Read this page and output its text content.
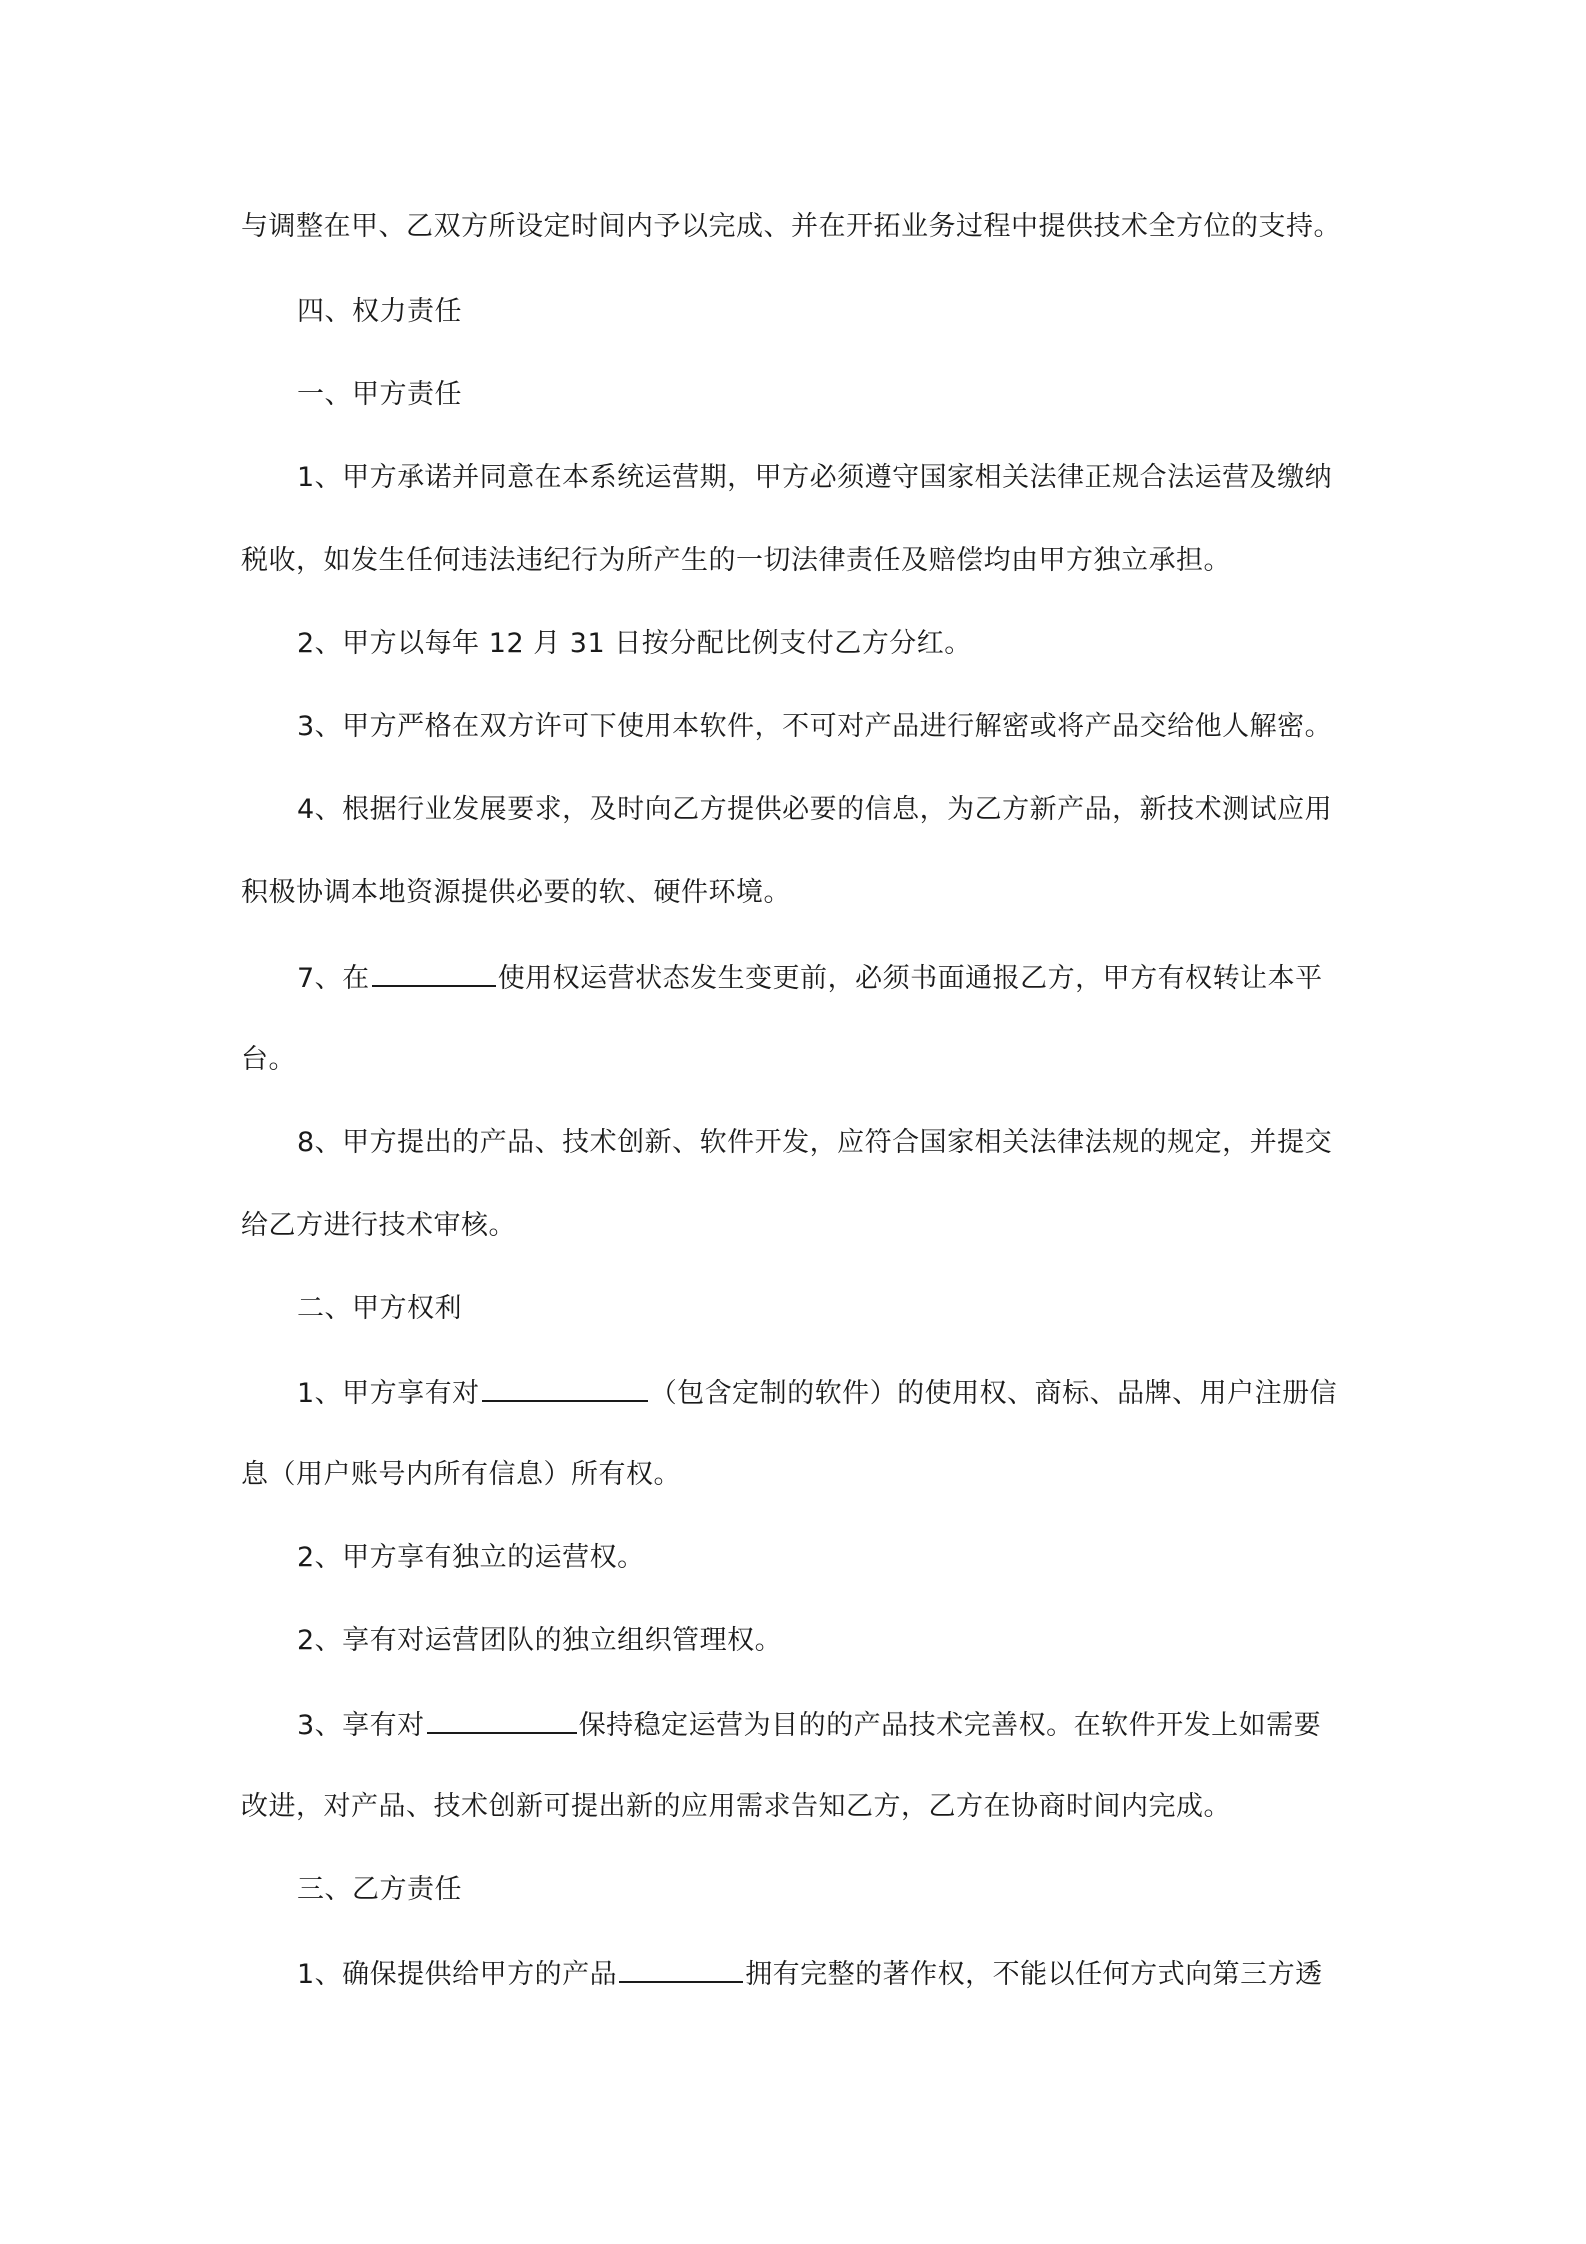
与调整在甲、乙双方所设定时间内予以完成、并在开拓业务过程中提供技术全方位的支持。
四、权力责任
一、甲方责任
1、甲方承诺并同意在本系统运营期，甲方必须遵守国家相关法律正规合法运营及缴纳
税收，如发生任何违法违纪行为所产生的一切法律责任及赔偿均由甲方独立承担。
2、甲方以每年 12 月 31 日按分配比例支付乙方分红。
3、甲方严格在双方许可下使用本软件，不可对产品进行解密或将产品交给他人解密。
4、根据行业发展要求，及时向乙方提供必要的信息，为乙方新产品，新技术测试应用
积极协调本地资源提供必要的软、硬件环境。
7、在	使用权运营状态发生变更前，必须书面通报乙方，甲方有权转让本平
台。
8、甲方提出的产品、技术创新、软件开发，应符合国家相关法律法规的规定，并提交
给乙方进行技术审核。
二、甲方权利
1、甲方享有对	（包含定制的软件）的使用权、商标、品牌、用户注册信
息（用户账号内所有信息）所有权。
2、甲方享有独立的运营权。
2、享有对运营团队的独立组织管理权。
3、享有对	保持稳定运营为目的的产品技术完善权。在软件开发上如需要
改进，对产品、技术创新可提出新的应用需求告知乙方，乙方在协商时间内完成。
三、乙方责任
1、确保提供给甲方的产品	拥有完整的著作权，不能以任何方式向第三方透
